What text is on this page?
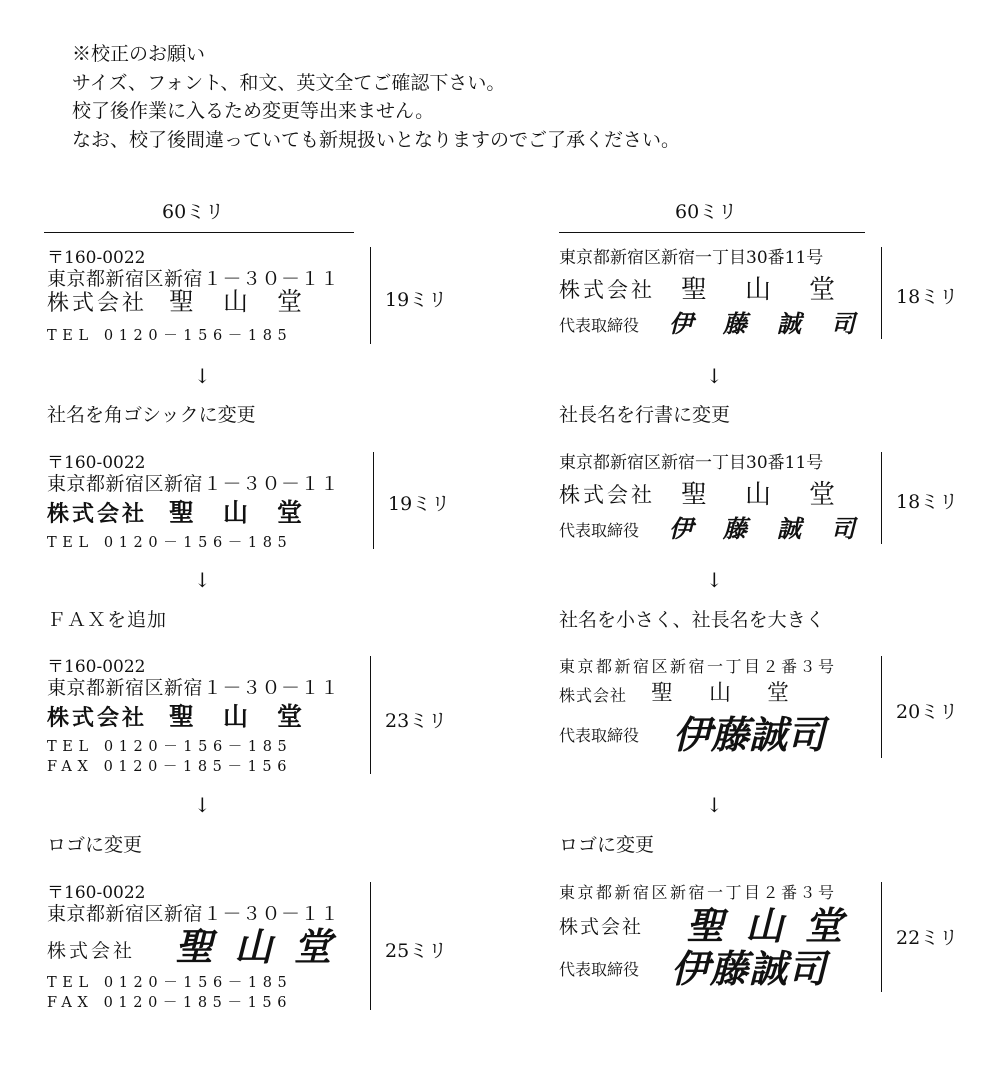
※校正のお願い
サイズ、フォント、和文、英文全てご確認下さい。
校了後作業に入るため変更等出来ません。
なお、校了後間違っていても新規扱いとなりますのでご了承ください。
60ミリ	60ミリ
〒160-0022
東京都新宿区新宿１－３０－１１
株式会社 聖　山　堂
TEL 0120－156－185
19ミリ
↓
社名を角ゴシックに変更
〒160-0022
東京都新宿区新宿１－３０－１１
株式会社 聖　山　堂
TEL 0120－156－185
19ミリ
↓
ＦＡＸを追加
〒160-0022
東京都新宿区新宿１－３０－１１
株式会社 聖　山　堂
TEL 0120－156－185
FAX 0120－185－156
23ミリ
↓
ロゴに変更
〒160-0022
東京都新宿区新宿１－３０－１１
株式会社 聖 山 堂
TEL 0120－156－185
FAX 0120－185－156
25ミリ
東京都新宿区新宿一丁目30番11号
株式会社 聖　山　堂
代表取締役 伊　藤　誠　司
18ミリ
↓
社長名を行書に変更
東京都新宿区新宿一丁目30番11号
株式会社 聖　山　堂
代表取締役 伊　藤　誠　司
18ミリ
↓
社名を小さく、社長名を大きく
東京都新宿区新宿一丁目２番３号
株式会社 聖　山　堂
代表取締役 伊藤誠司	20ミリ
↓
ロゴに変更
東京都新宿区新宿一丁目２番３号
株式会社 聖 山 堂
代表取締役 伊藤誠司
22ミリ
